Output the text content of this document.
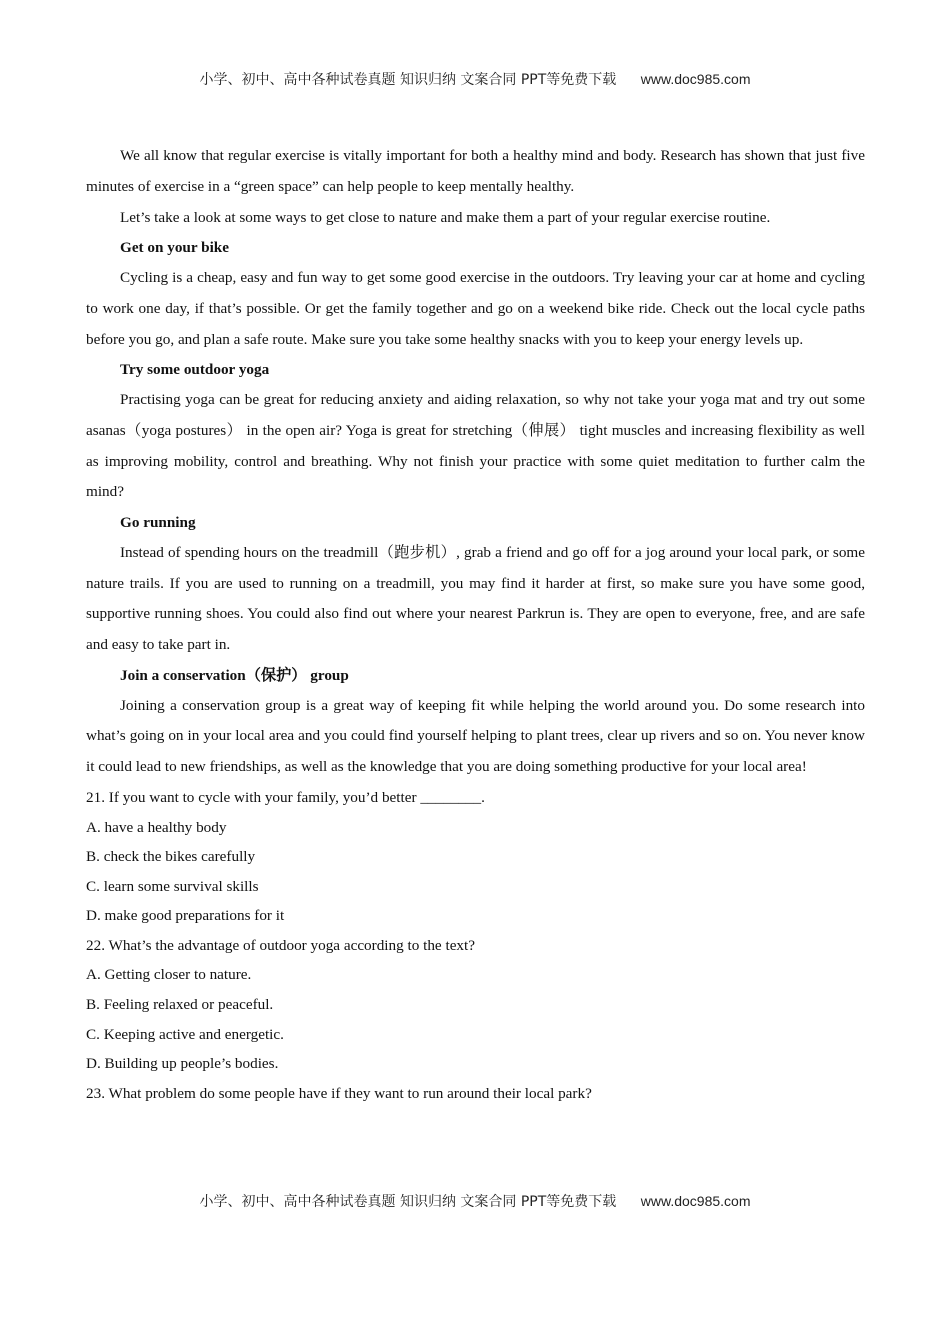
小学、初中、高中各种试卷真题 知识归纳 文案合同 PPT等免费下载 www.doc985.com

We all know that regular exercise is vitally important for both a healthy mind and body. Research has shown that just five minutes of exercise in a “green space” can help people to keep mentally healthy.

Let’s take a look at some ways to get close to nature and make them a part of your regular exercise routine.

Get on your bike

Cycling is a cheap, easy and fun way to get some good exercise in the outdoors. Try leaving your car at home and cycling to work one day, if that’s possible. Or get the family together and go on a weekend bike ride. Check out the local cycle paths before you go, and plan a safe route. Make sure you take some healthy snacks with you to keep your energy levels up.

Try some outdoor yoga

Practising yoga can be great for reducing anxiety and aiding relaxation, so why not take your yoga mat and try out some asanas（yoga postures） in the open air? Yoga is great for stretching（伸展） tight muscles and increasing flexibility as well as improving mobility, control and breathing. Why not finish your practice with some quiet meditation to further calm the mind?

Go running

Instead of spending hours on the treadmill（跑步机）, grab a friend and go off for a jog around your local park, or some nature trails. If you are used to running on a treadmill, you may find it harder at first, so make sure you have some good, supportive running shoes. You could also find out where your nearest Parkrun is. They are open to everyone, free, and are safe and easy to take part in.

Join a conservation（保护） group

Joining a conservation group is a great way of keeping fit while helping the world around you. Do some research into what’s going on in your local area and you could find yourself helping to plant trees, clear up rivers and so on. You never know it could lead to new friendships, as well as the knowledge that you are doing something productive for your local area!

21. If you want to cycle with your family, you’d better ________.

A. have a healthy body

B. check the bikes carefully

C. learn some survival skills

D. make good preparations for it

22. What’s the advantage of outdoor yoga according to the text?

A. Getting closer to nature.

B. Feeling relaxed or peaceful.

C. Keeping active and energetic.

D. Building up people’s bodies.

23. What problem do some people have if they want to run around their local park?

小学、初中、高中各种试卷真题 知识归纳 文案合同 PPT等免费下载 www.doc985.com
